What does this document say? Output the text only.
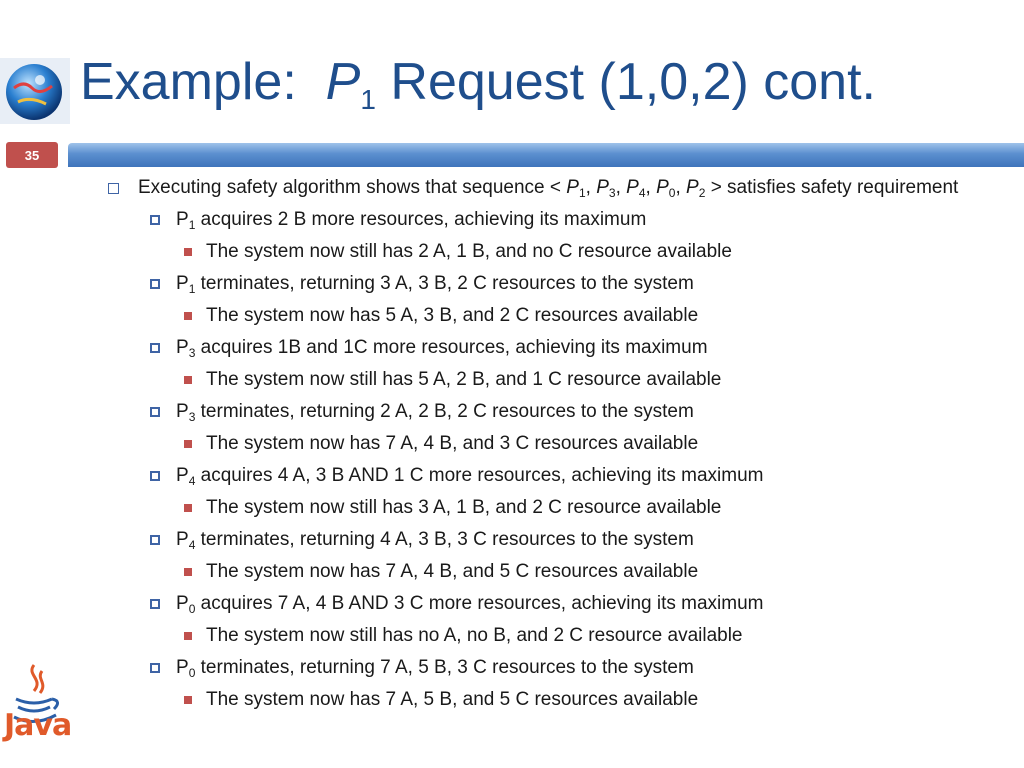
Example: $P_1$ Request (1,0,2) cont.
35
Executing safety algorithm shows that sequence < $P_1$, $P_3$, $P_4$, $P_0$, $P_2$ > satisfies safety requirement
$P_1$ acquires 2 B more resources, achieving its maximum
The system now still has 2 A, 1 B, and no C resource available
$P_1$ terminates, returning 3 A, 3 B, 2 C resources to the system
The system now has 5 A, 3 B, and 2 C resources available
$P_3$ acquires 1B and 1C more resources, achieving its maximum
The system now still has 5 A, 2 B, and 1 C resource available
$P_3$ terminates, returning 2 A, 2 B, 2 C resources to the system
The system now has 7 A, 4 B, and 3 C resources available
$P_4$ acquires 4 A, 3 B AND 1 C more resources, achieving its maximum
The system now still has 3 A, 1 B, and 2 C resource available
$P_4$ terminates, returning 4 A, 3 B, 3 C resources to the system
The system now has 7 A, 4 B, and 5 C resources available
$P_0$ acquires 7 A, 4 B AND 3 C more resources, achieving its maximum
The system now still has no A, no B, and 2 C resource available
$P_0$ terminates, returning 7 A, 5 B, 3 C resources to the system
The system now has 7 A, 5 B, and 5 C resources available
Java
